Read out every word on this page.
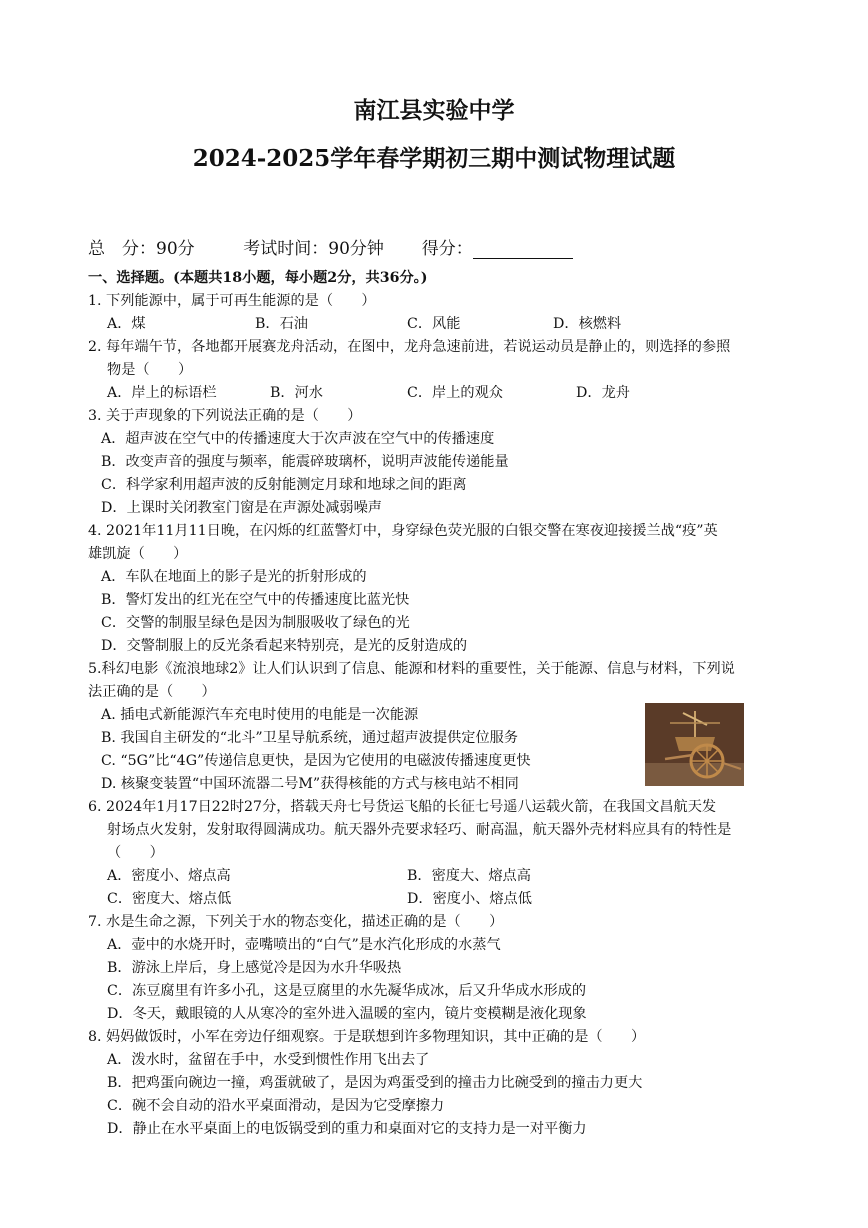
南江县实验中学
2024-2025学年春学期初三期中测试物理试题
总　分：90分	考试时间：90分钟 得分：
一、选择题。(本题共18小题，每小题2分，共36分。)
1. 下列能源中，属于可再生能源的是（　　）
A．煤	B．石油	C．风能	D．核燃料
2. 每年端午节，各地都开展赛龙舟活动，在图中，龙舟急速前进，若说运动员是静止的，则选择的参照
物是（　　）
A．岸上的标语栏	B．河水	C．岸上的观众	D．龙舟
3. 关于声现象的下列说法正确的是（　　）
A．超声波在空气中的传播速度大于次声波在空气中的传播速度
B．改变声音的强度与频率，能震碎玻璃杯，说明声波能传递能量
C．科学家利用超声波的反射能测定月球和地球之间的距离
D．上课时关闭教室门窗是在声源处减弱噪声
4. 2021年11月11日晚，在闪烁的红蓝警灯中，身穿绿色荧光服的白银交警在寒夜迎接援兰战“疫”英
雄凯旋（　　）
A．车队在地面上的影子是光的折射形成的
B．警灯发出的红光在空气中的传播速度比蓝光快
C．交警的制服呈绿色是因为制服吸收了绿色的光
D．交警制服上的反光条看起来特别亮，是光的反射造成的
5.科幻电影《流浪地球2》让人们认识到了信息、能源和材料的重要性，关于能源、信息与材料，下列说
法正确的是（　　）
A. 插电式新能源汽车充电时使用的电能是一次能源
B. 我国自主研发的“北斗”卫星导航系统，通过超声波提供定位服务
C. “5G”比“4G”传递信息更快，是因为它使用的电磁波传播速度更快
D. 核聚变装置“中国环流器二号M”获得核能的方式与核电站不相同
6. 2024年1月17日22时27分，搭载天舟七号货运飞船的长征七号遥八运载火箭，在我国文昌航天发
射场点火发射，发射取得圆满成功。航天器外壳要求轻巧、耐高温，航天器外壳材料应具有的特性是
（　　）
A．密度小、熔点高	B．密度大、熔点高
C．密度大、熔点低	D．密度小、熔点低
7. 水是生命之源，下列关于水的物态变化，描述正确的是（　　）
A．壶中的水烧开时，壶嘴喷出的“白气”是水汽化形成的水蒸气
B．游泳上岸后，身上感觉冷是因为水升华吸热
C．冻豆腐里有许多小孔，这是豆腐里的水先凝华成冰，后又升华成水形成的
D．冬天，戴眼镜的人从寒冷的室外进入温暖的室内，镜片变模糊是液化现象
8. 妈妈做饭时，小军在旁边仔细观察。于是联想到许多物理知识，其中正确的是（　　）
A．泼水时，盆留在手中，水受到惯性作用飞出去了
B．把鸡蛋向碗边一撞，鸡蛋就破了，是因为鸡蛋受到的撞击力比碗受到的撞击力更大
C．碗不会自动的沿水平桌面滑动，是因为它受摩擦力
D．静止在水平桌面上的电饭锅受到的重力和桌面对它的支持力是一对平衡力
